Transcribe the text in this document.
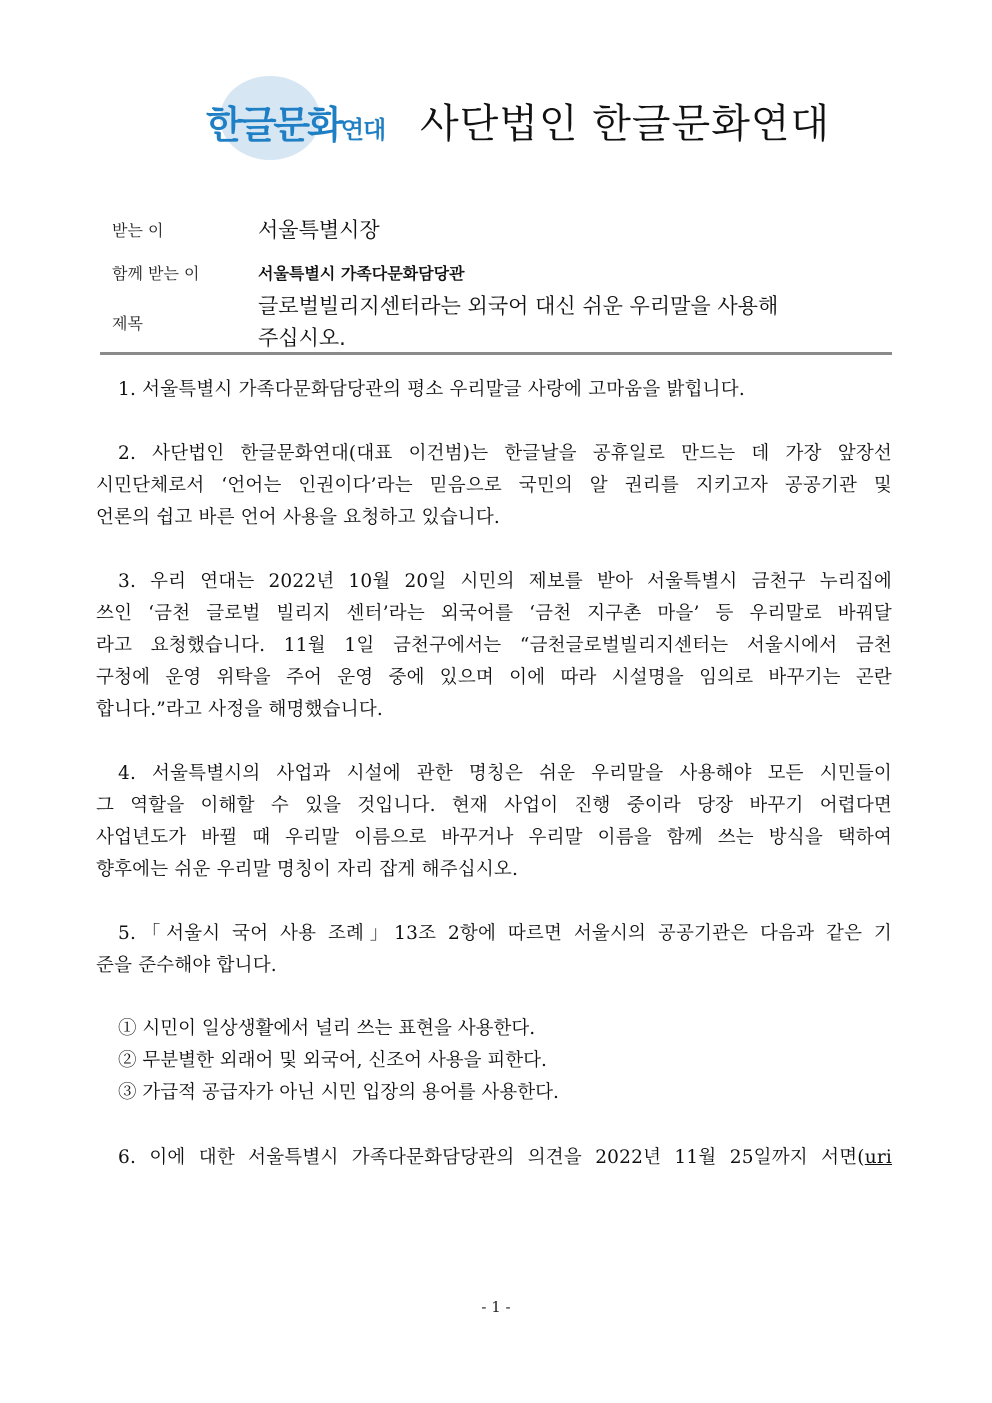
한글문화연대 사단법인 한글문화연대
받는 이	서울특별시장
함께 받는 이	서울특별시 가족다문화담당관
제목
글로벌빌리지센터라는 외국어 대신 쉬운 우리말을 사용해
주십시오.
1. 서울특별시 가족다문화담당관의 평소 우리말글 사랑에 고마움을 밝힙니다.
2. 사단법인 한글문화연대(대표 이건범)는 한글날을 공휴일로 만드는 데 가장 앞장선
시민단체로서 ‘언어는 인권이다’라는 믿음으로 국민의 알 권리를 지키고자 공공기관 및
언론의 쉽고 바른 언어 사용을 요청하고 있습니다.
3. 우리 연대는 2022년 10월 20일 시민의 제보를 받아 서울특별시 금천구 누리집에
쓰인 ‘금천 글로벌 빌리지 센터’라는 외국어를 ‘금천 지구촌 마을’ 등 우리말로 바꿔달
라고 요청했습니다. 11월 1일 금천구에서는 “금천글로벌빌리지센터는 서울시에서 금천
구청에 운영 위탁을 주어 운영 중에 있으며 이에 따라 시설명을 임의로 바꾸기는 곤란
합니다.”라고 사정을 해명했습니다.
4. 서울특별시의 사업과 시설에 관한 명칭은 쉬운 우리말을 사용해야 모든 시민들이
그 역할을 이해할 수 있을 것입니다. 현재 사업이 진행 중이라 당장 바꾸기 어렵다면
사업년도가 바뀔 때 우리말 이름으로 바꾸거나 우리말 이름을 함께 쓰는 방식을 택하여
향후에는 쉬운 우리말 명칭이 자리 잡게 해주십시오.
5.「서울시 국어 사용 조례」13조 2항에 따르면 서울시의 공공기관은 다음과 같은 기
준을 준수해야 합니다.
① 시민이 일상생활에서 널리 쓰는 표현을 사용한다.
② 무분별한 외래어 및 외국어, 신조어 사용을 피한다.
③ 가급적 공급자가 아닌 시민 입장의 용어를 사용한다.
6. 이에 대한 서울특별시 가족다문화담당관의 의견을 2022년 11월 25일까지 서면(uri
- 1 -
